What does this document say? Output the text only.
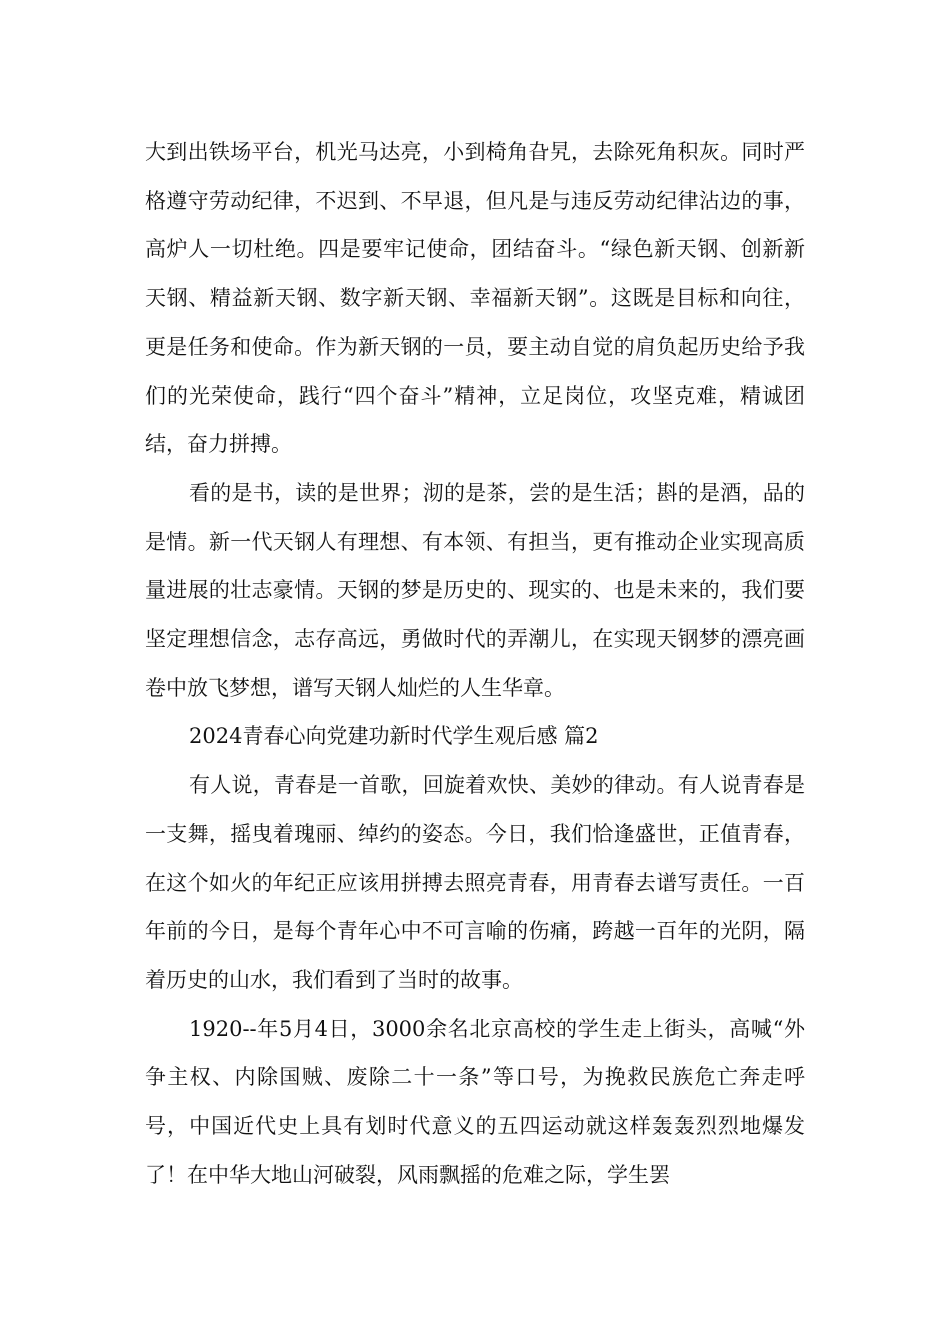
大到出铁场平台，机光马达亮，小到椅角旮旯，去除死角积灰。同时严格遵守劳动纪律，不迟到、不早退，但凡是与违反劳动纪律沾边的事，高炉人一切杜绝。四是要牢记使命，团结奋斗。“绿色新天钢、创新新天钢、精益新天钢、数字新天钢、幸福新天钢”。这既是目标和向往，更是任务和使命。作为新天钢的一员，要主动自觉的肩负起历史给予我们的光荣使命，践行“四个奋斗”精神，立足岗位，攻坚克难，精诚团结，奋力拼搏。

看的是书，读的是世界；沏的是茶，尝的是生活；斟的是酒，品的是情。新一代天钢人有理想、有本领、有担当，更有推动企业实现高质量进展的壮志豪情。天钢的梦是历史的、现实的、也是未来的，我们要坚定理想信念，志存高远，勇做时代的弄潮儿，在实现天钢梦的漂亮画卷中放飞梦想，谱写天钢人灿烂的人生华章。

2024青春心向党建功新时代学生观后感 篇2

有人说，青春是一首歌，回旋着欢快、美妙的律动。有人说青春是一支舞，摇曳着瑰丽、绰约的姿态。今日，我们恰逢盛世，正值青春，在这个如火的年纪正应该用拼搏去照亮青春，用青春去谱写责任。一百年前的今日，是每个青年心中不可言喻的伤痛，跨越一百年的光阴，隔着历史的山水，我们看到了当时的故事。

1920--年5月4日，3000余名北京高校的学生走上街头，高喊“外争主权、内除国贼、废除二十一条”等口号，为挽救民族危亡奔走呼号，中国近代史上具有划时代意义的五四运动就这样轰轰烈烈地爆发了！在中华大地山河破裂，风雨飘摇的危难之际，学生罢
